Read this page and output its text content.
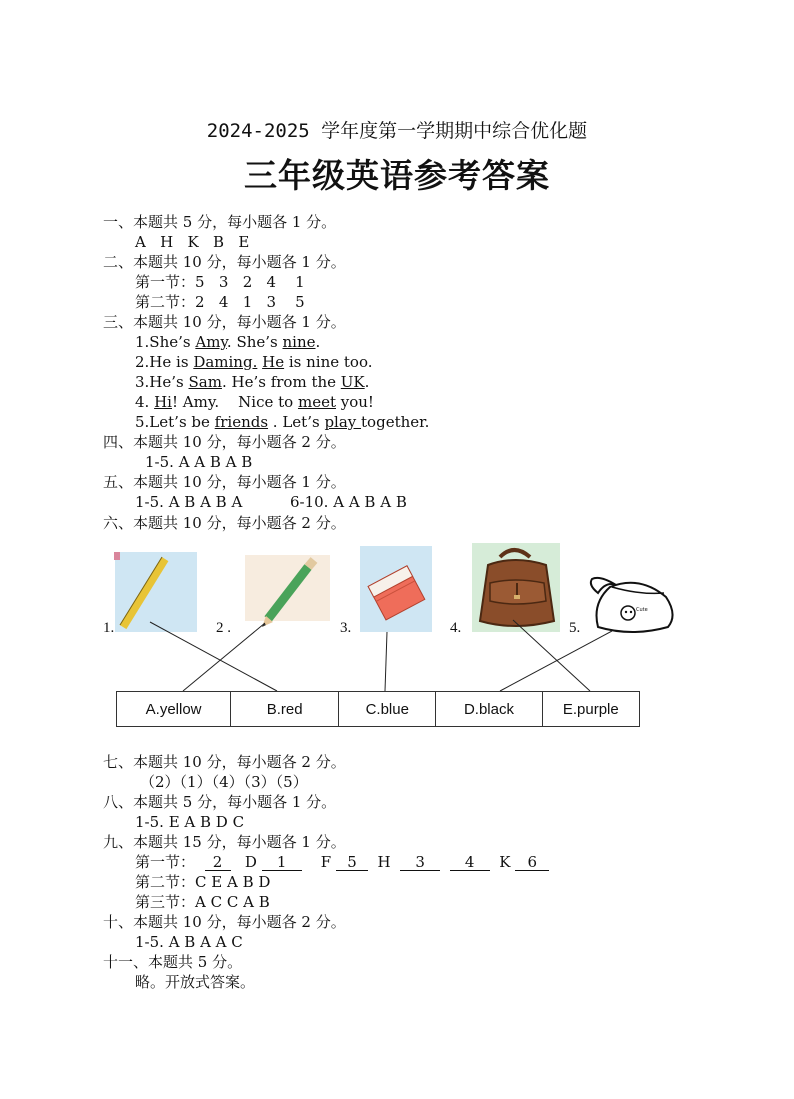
2024-2025 学年度第一学期期中综合优化题
三年级英语参考答案
一、本题共 5 分，每小题各 1 分。
A   H   K   B   E
二、本题共 10 分，每小题各 1 分。
第一节：5   3   2   4    1
第二节：2   4   1   3    5
三、本题共 10 分，每小题各 1 分。
1.She’s Amy. She’s nine.
2.He is Daming. He is nine too.
3.He’s Sam. He’s from the UK.
4. Hi! Amy.    Nice to meet you!
5.Let’s be friends . Let’s play together.
四、本题共 10 分，每小题各 2 分。
1-5. A A B A B
五、本题共 10 分，每小题各 1 分。
1-5. A B A B A          6-10. A A B A B
六、本题共 10 分，每小题各 2 分。
Cute
1.	2 .	3.	4.	5.
A.yellow	B.red	C.blue	D.black	E.purple
七、本题共 10 分，每小题各 2 分。
（2）（1）（4）（3）（5）
八、本题共 5 分，每小题各 1 分。
1-5. E A B D C
九、本题共 15 分，每小题各 1 分。
第一节： 2 D 1 F 5 H 3	4 K 6
第二节：C E A B D
第三节：A C C A B
十、本题共 10 分，每小题各 2 分。
1-5. A B A A C
十一、本题共 5 分。
略。开放式答案。
